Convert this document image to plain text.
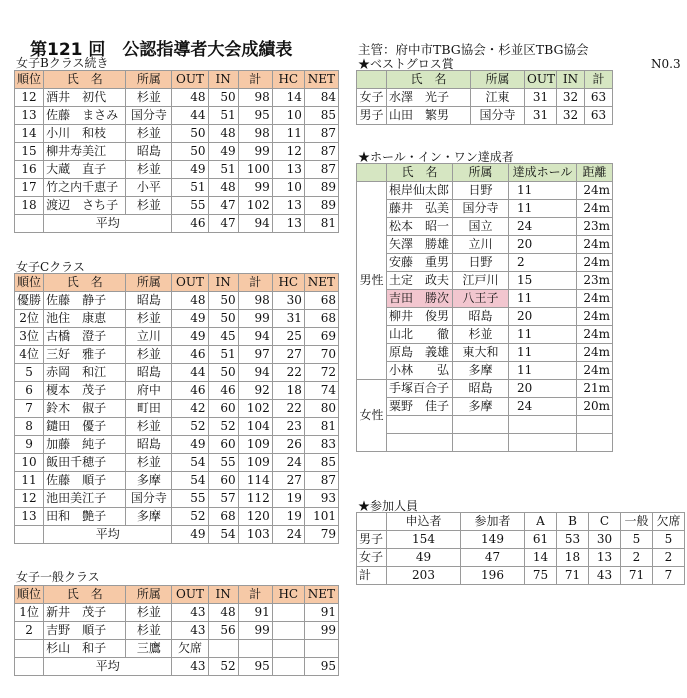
第121 回　公認指導者大会成績表	主管：府中市TBG協会・杉並区TBG協会
N0.3
女子Bクラス続き
順位	氏　名	所属	OUT	IN	計	HC	NET
12	酒井　初代	杉並	48	50	98	14	84
13	佐藤　まさみ	国分寺	44	51	95	10	85
14	小川　和枝	杉並	50	48	98	11	87
15	柳井寿美江	昭島	50	49	99	12	87
16	大蔵　直子	杉並	49	51	100	13	87
17	竹之内千恵子	小平	51	48	99	10	89
18	渡辺　さち子	杉並	55	47	102	13	89
	平均		46	47	94	13	81
女子Cクラス
順位	氏　名	所属	OUT	IN	計	HC	NET
優勝	佐藤　静子	昭島	48	50	98	30	68
2位	池住　康恵	杉並	49	50	99	31	68
3位	古橋　澄子	立川	49	45	94	25	69
4位	三好　雅子	杉並	46	51	97	27	70
5	赤岡　和江	昭島	44	50	94	22	72
6	榎本　茂子	府中	46	46	92	18	74
7	鈴木　俶子	町田	42	60	102	22	80
8	鑓田　優子	杉並	52	52	104	23	81
9	加藤　純子	昭島	49	60	109	26	83
10	飯田千穂子	杉並	54	55	109	24	85
11	佐藤　順子	多摩	54	60	114	27	87
12	池田美江子	国分寺	55	57	112	19	93
13	田和　艶子	多摩	52	68	120	19	101
	平均		49	54	103	24	79
女子一般クラス
順位	氏　名	所属	OUT	IN	計	HC	NET
1位	新井　茂子	杉並	43	48	91		91
2	吉野　順子	杉並	43	56	99		99
	杉山　和子	三鷹	欠席				
	平均		43	52	95		95
★ベストグロス賞
	氏　名	所属	OUT	IN	計
女子	水澤　光子	江東	31	32	63
男子	山田　繁男	国分寺	31	32	63
★ホール・イン・ワン達成者
	氏　名	所属	達成ホール	距離
男性	根岸仙太郎	日野	11	24m
	藤井　弘美	国分寺	11	24m
	松本　昭一	国立	24	23m
	矢澤　勝雄	立川	20	24m
	安藤　重男	日野	2	24m
	土定　政夫	江戸川	15	23m
	吉田　勝次	八王子	11	24m
	柳井　俊男	昭島	20	24m
	山北　　徹	杉並	11	24m
	原島　義雄	東大和	11	24m
	小林　　弘	多摩	11	24m
女性	手塚百合子	昭島	20	21m
	粟野　佳子	多摩	24	20m

★参加人員
	申込者	参加者	A	B	C	一般	欠席
男子	154	149	61	53	30	5	5
女子	49	47	14	18	13	2	2
計	203	196	75	71	43	71	7
